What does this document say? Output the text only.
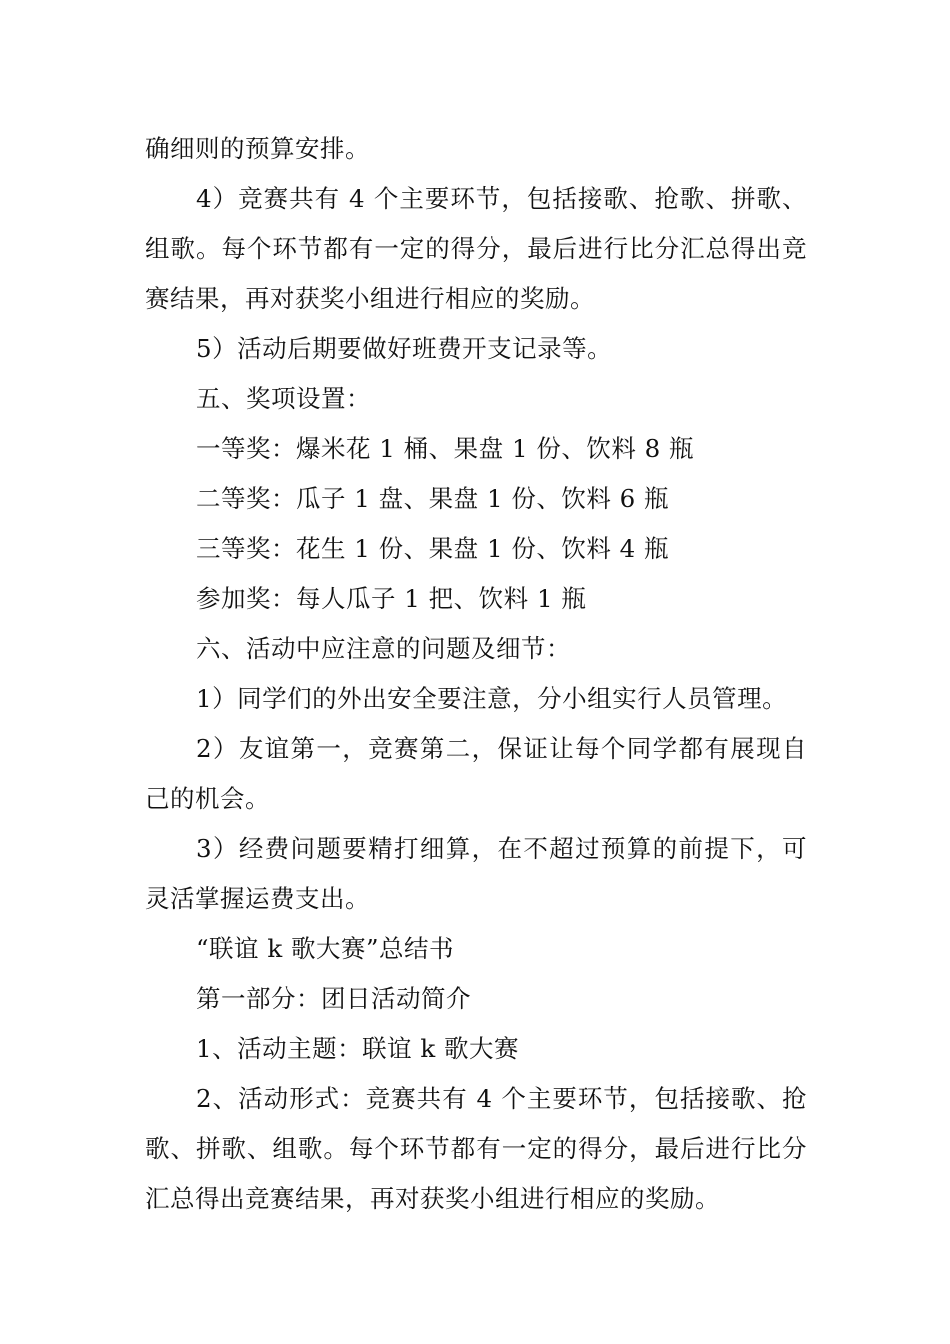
确细则的预算安排。

4）竞赛共有 4 个主要环节，包括接歌、抢歌、拼歌、组歌。每个环节都有一定的得分，最后进行比分汇总得出竞赛结果，再对获奖小组进行相应的奖励。

5）活动后期要做好班费开支记录等。

五、奖项设置：

一等奖：爆米花 1 桶、果盘 1 份、饮料 8 瓶

二等奖：瓜子 1 盘、果盘 1 份、饮料 6 瓶

三等奖：花生 1 份、果盘 1 份、饮料 4 瓶

参加奖：每人瓜子 1 把、饮料 1 瓶

六、活动中应注意的问题及细节：

1）同学们的外出安全要注意，分小组实行人员管理。

2）友谊第一，竞赛第二，保证让每个同学都有展现自己的机会。

3）经费问题要精打细算，在不超过预算的前提下，可灵活掌握运费支出。

“联谊 k 歌大赛”总结书

第一部分：团日活动简介

1、活动主题：联谊 k 歌大赛

2、活动形式：竞赛共有 4 个主要环节，包括接歌、抢歌、拼歌、组歌。每个环节都有一定的得分，最后进行比分汇总得出竞赛结果，再对获奖小组进行相应的奖励。
